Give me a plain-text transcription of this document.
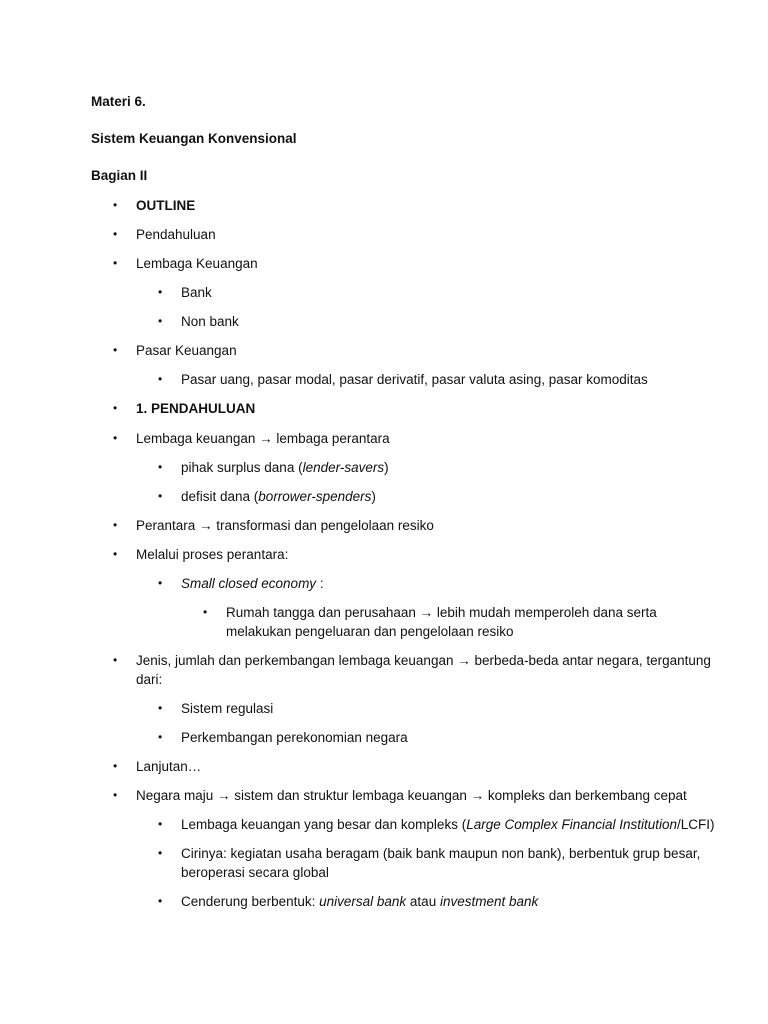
Materi 6.
Sistem Keuangan Konvensional
Bagian II
• OUTLINE
• Pendahuluan
• Lembaga Keuangan
• Bank
• Non bank
• Pasar Keuangan
• Pasar uang, pasar modal, pasar derivatif, pasar valuta asing, pasar komoditas
• 1. PENDAHULUAN
• Lembaga keuangan → lembaga perantara
• pihak surplus dana (lender-savers)
• defisit dana (borrower-spenders)
• Perantara → transformasi dan pengelolaan resiko
• Melalui proses perantara:
• Small closed economy :
• Rumah tangga dan perusahaan → lebih mudah memperoleh dana serta
melakukan pengeluaran dan pengelolaan resiko
• Jenis, jumlah dan perkembangan lembaga keuangan → berbeda-beda antar negara, tergantung
dari:
• Sistem regulasi
• Perkembangan perekonomian negara
• Lanjutan…
• Negara maju → sistem dan struktur lembaga keuangan → kompleks dan berkembang cepat
• Lembaga keuangan yang besar dan kompleks (Large Complex Financial Institution/LCFI)
• Cirinya: kegiatan usaha beragam (baik bank maupun non bank), berbentuk grup besar,
beroperasi secara global
• Cenderung berbentuk: universal bank atau investment bank
